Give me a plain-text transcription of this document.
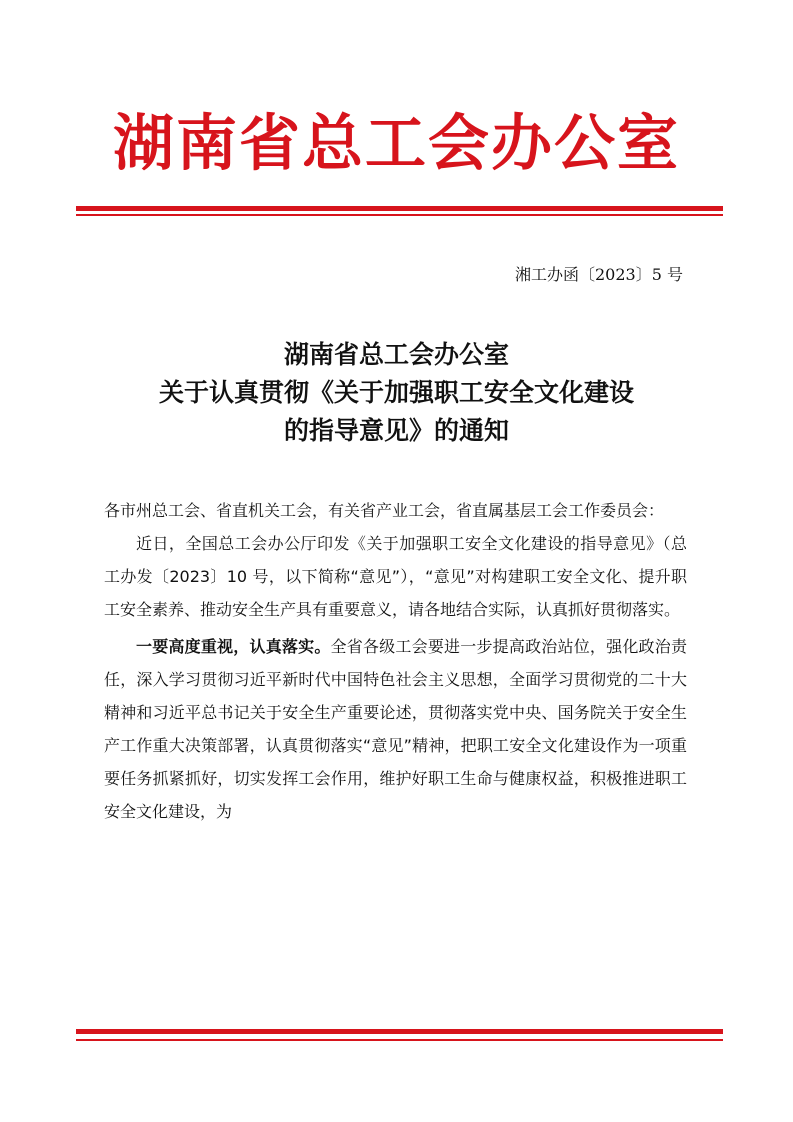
湖南省总工会办公室
湘工办函〔2023〕5 号
湖南省总工会办公室
关于认真贯彻《关于加强职工安全文化建设
的指导意见》的通知

各市州总工会、省直机关工会，有关省产业工会，省直属基层工会工作委员会：

近日，全国总工会办公厅印发《关于加强职工安全文化建设的指导意见》（总工办发〔2023〕10 号，以下简称“意见”），“意见”对构建职工安全文化、提升职工安全素养、推动安全生产具有重要意义，请各地结合实际，认真抓好贯彻落实。

一要高度重视，认真落实。全省各级工会要进一步提高政治站位，强化政治责任，深入学习贯彻习近平新时代中国特色社会主义思想，全面学习贯彻党的二十大精神和习近平总书记关于安全生产重要论述，贯彻落实党中央、国务院关于安全生产工作重大决策部署，认真贯彻落实“意见”精神，把职工安全文化建设作为一项重要任务抓紧抓好，切实发挥工会作用，维护好职工生命与健康权益，积极推进职工安全文化建设，为
